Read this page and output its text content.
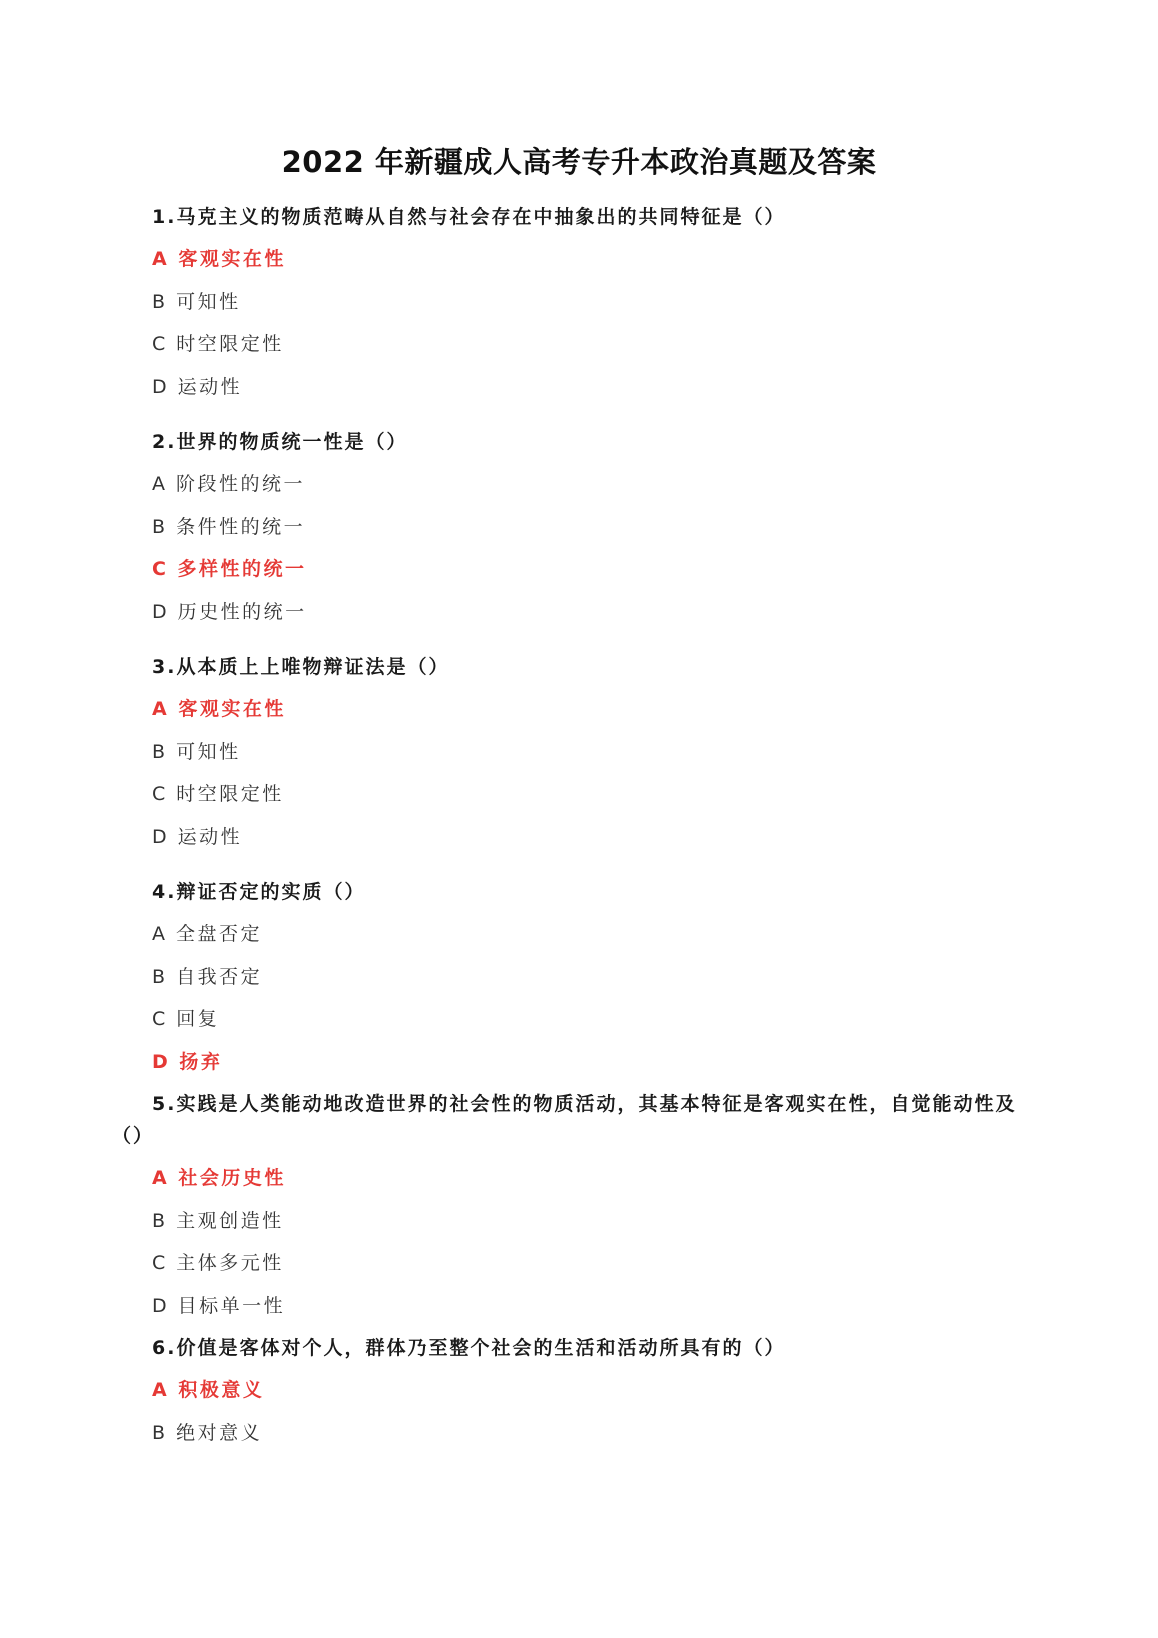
2022 年新疆成人高考专升本政治真题及答案
1.马克主义的物质范畴从自然与社会存在中抽象出的共同特征是（）
A 客观实在性
B 可知性
C 时空限定性
D 运动性
2.世界的物质统一性是（）
A 阶段性的统一
B 条件性的统一
C 多样性的统一
D 历史性的统一
3.从本质上上唯物辩证法是（）
A 客观实在性
B 可知性
C 时空限定性
D 运动性
4.辩证否定的实质（）
A 全盘否定
B 自我否定
C 回复
D 扬弃
5.实践是人类能动地改造世界的社会性的物质活动，其基本特征是客观实在性，自觉能动性及
（）
A 社会历史性
B 主观创造性
C 主体多元性
D 目标单一性
6.价值是客体对个人，群体乃至整个社会的生活和活动所具有的（）
A 积极意义
B 绝对意义
